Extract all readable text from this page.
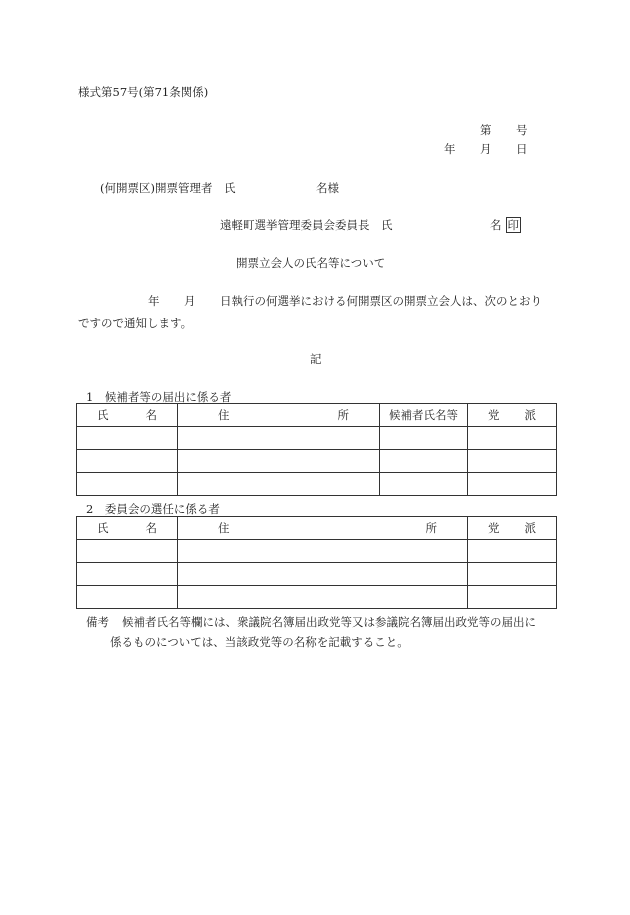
様式第57号(第71条関係)
第 号
年 月 日
(何開票区)開票管理者　氏	名様
遠軽町選挙管理委員会委員長　氏	名 印
開票立会人の氏名等について
年 月 日執行の何選挙における何開票区の開票立会人は、次のとおり
ですので通知します。
記
1　候補者等の届出に係る者
氏 名	住 所	候補者氏名等	党 派

2　委員会の選任に係る者
氏 名	住 所	党 派

備考 候補者氏名等欄には、衆議院名簿届出政党等又は参議院名簿届出政党等の届出に
係るものについては、当該政党等の名称を記載すること。
